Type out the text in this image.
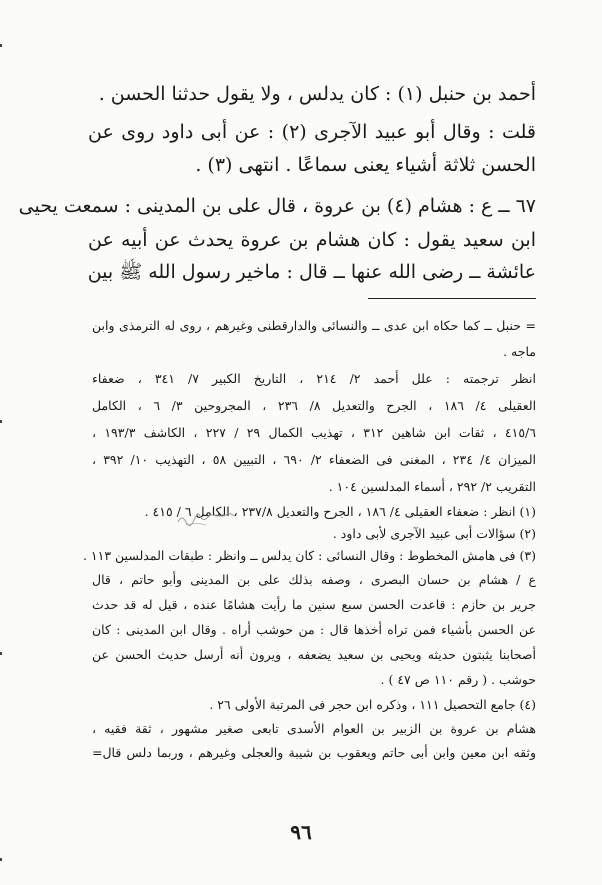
أحمد بن حنبل (١) : كان يدلس ، ولا يقول حدثنا الحسن .
قلت : وقال أبو عبيد الآجرى (٢) : عن أبى داود روى عن
الحسن ثلاثة أشياء يعنى سماعًا . انتهى (٣) .
٦٧ ــ ع : هشام (٤) بن عروة ، قال على بن المدينى : سمعت يحيى
ابن سعيد يقول : كان هشام بن عروة يحدث عن أبيه عن
عائشة ــ رضى الله عنها ــ قال : ماخير رسول الله ﷺ بين
= حنبل ــ كما حكاه ابن عدى ــ والنسائى والدارقطنى وغيرهم ، روى له الترمذى وابن
ماجه .
انظر ترجمته : علل أحمد ٢/ ٢١٤ ، التاريخ الكبير ٧/ ٣٤١ ، ضعفاء
العقيلى ٤/ ١٨٦ ، الجرح والتعديل ٨/ ٢٣٦ ، المجروحين ٣/ ٦ ، الكامل
٤١٥/٦ ، ثقات ابن شاهين ٣١٢ ، تهذيب الكمال ٢٩ / ٢٢٧ ، الكاشف ١٩٣/٣ ،
الميزان ٤/ ٢٣٤ ، المغنى فى الضعفاء ٢/ ٦٩٠ ، التبيين ٥٨ ، التهذيب ١٠/ ٣٩٢ ،
التقريب ٢/ ٢٩٢ ، أسماء المدلسين ١٠٤ .
(١) انظر : ضعفاء العقيلى ٤/ ١٨٦ ، الجرح والتعديل ٢٣٧/٨ ، الكامل ٦ / ٤١٥ .
(٢) سؤالات أبى عبيد الآجرى لأبى داود .
(٣) فى هامش المخطوط : وقال النسائى : كان يدلس ــ وانظر : طبقات المدلسين ١١٣ .
ع / هشام بن حسان البصرى ، وصفه بذلك على بن المدينى وأبو حاتم ، قال
جرير بن حازم : قاعدت الحسن سبع سنين ما رأيت هشامًا عنده ، قيل له قد حدث
عن الحسن بأشياء فمن تراه أخذها قال : من حوشب أراه . وقال ابن المدينى : كان
أصحابنا يثبتون حديثه ويحيى بن سعيد يضعفه ، ويرون أنه أرسل حديث الحسن عن
حوشب . ( رقم ١١٠ ص ٤٧ ) .
(٤) جامع التحصيل ١١١ ، وذكره ابن حجر فى المرتبة الأولى ٢٦ .
هشام بن عروة بن الزبير بن العوام الأسدى تابعى صغير مشهور ، ثقة فقيه ،
وثقه ابن معين وابن أبى حاتم ويعقوب بن شيبة والعجلى وغيرهم ، وربما دلس قال=
٩٦
